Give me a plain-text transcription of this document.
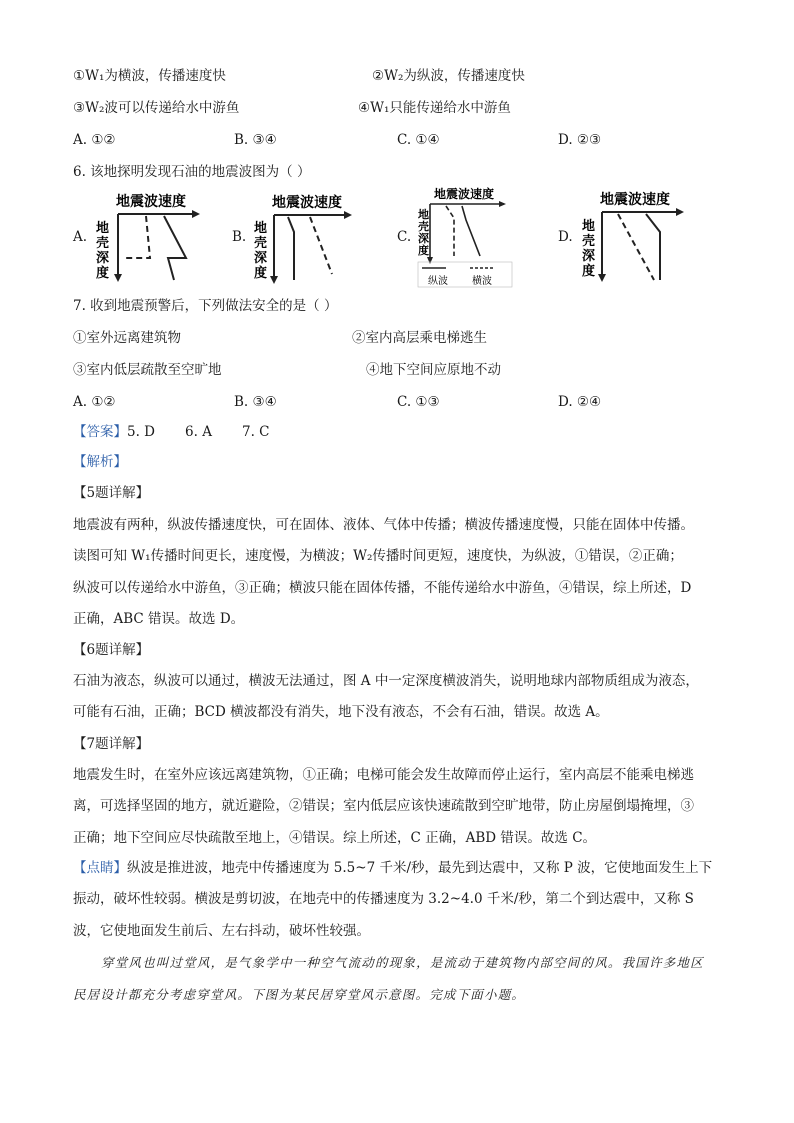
①W₁为横波，传播速度快	②W₂为纵波，传播速度快
③W₂波可以传递给水中游鱼	④W₁只能传递给水中游鱼
A. ①②	B. ③④	C. ①④	D. ②③
6. 该地探明发现石油的地震波图为（ ）
A.	B.	C.	D.
地震波速度
地
壳
深
度
地震波速度
地
壳
深
度
地震波速度
地
壳
深
度
纵波 横波
地震波速度
地
壳
深
度
7. 收到地震预警后，下列做法安全的是（ ）
①室外远离建筑物	②室内高层乘电梯逃生
③室内低层疏散至空旷地	④地下空间应原地不动
A. ①②	B. ③④	C. ①③	D. ②④
【答案】5. D       6. A       7. C
【解析】
【5题详解】
地震波有两种，纵波传播速度快，可在固体、液体、气体中传播；横波传播速度慢，只能在固体中传播。
读图可知 W₁传播时间更长，速度慢，为横波；W₂传播时间更短，速度快，为纵波，①错误，②正确；
纵波可以传递给水中游鱼，③正确；横波只能在固体传播，不能传递给水中游鱼，④错误，综上所述，D
正确，ABC 错误。故选 D。
【6题详解】
石油为液态，纵波可以通过，横波无法通过，图 A 中一定深度横波消失，说明地球内部物质组成为液态，
可能有石油，正确；BCD 横波都没有消失，地下没有液态，不会有石油，错误。故选 A。
【7题详解】
地震发生时，在室外应该远离建筑物，①正确；电梯可能会发生故障而停止运行，室内高层不能乘电梯逃
离，可选择坚固的地方，就近避险，②错误；室内低层应该快速疏散到空旷地带，防止房屋倒塌掩埋，③
正确；地下空间应尽快疏散至地上，④错误。综上所述，C 正确，ABD 错误。故选 C。
【点睛】纵波是推进波，地壳中传播速度为 5.5~7 千米/秒，最先到达震中，又称 P 波，它使地面发生上下
振动，破坏性较弱。横波是剪切波，在地壳中的传播速度为 3.2~4.0 千米/秒，第二个到达震中，又称 S
波，它使地面发生前后、左右抖动，破坏性较强。
穿堂风也叫过堂风，是气象学中一种空气流动的现象，是流动于建筑物内部空间的风。我国许多地区
民居设计都充分考虑穿堂风。下图为某民居穿堂风示意图。完成下面小题。
